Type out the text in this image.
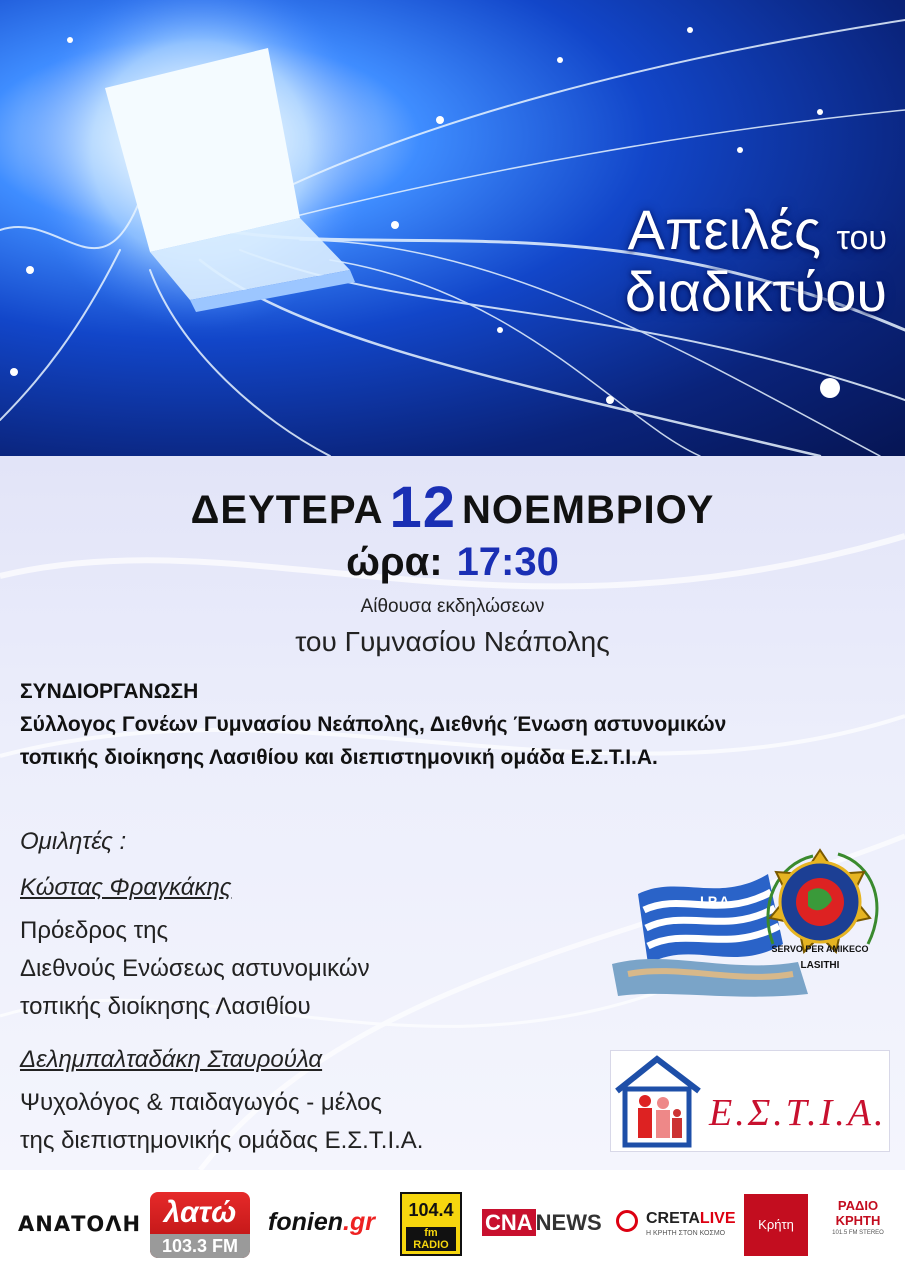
Απειλές του
διαδικτύου
ΔΕΥΤΕΡΑ 12 ΝΟΕΜΒΡΙΟΥ
ώρα: 17:30
Αίθουσα εκδηλώσεων
του Γυμνασίου Νεάπολης
ΣΥΝΔΙΟΡΓΑΝΩΣΗ
Σύλλογος Γονέων Γυμνασίου Νεάπολης, Διεθνής Ένωση αστυνομικών τοπικής διοίκησης Λασιθίου και διεπιστημονική ομάδα Ε.Σ.Τ.Ι.Α.
Ομιλητές :
Κώστας Φραγκάκης
Πρόεδρος της
Διεθνούς Ενώσεως αστυνομικών
τοπικής διοίκησης Λασιθίου
Δελημπαλταδάκη Σταυρούλα
Ψυχολόγος & παιδαγωγός - μέλος
της διεπιστημονικής ομάδας Ε.Σ.Τ.Ι.Α.
I.P.A.
SERVO PER AMIKECO
LASITHI
Ε.Σ.Τ.Ι.Α.
ΑΝΑΤΟΛΗ λατώ
103.3 FM
fonien.gr	104.4
fm RADIO
CNA NEWS	CRETALIVE
Η ΚΡΗΤΗ ΣΤΟΝ ΚΟΣΜΟ
Κρήτη
ΡΑΔΙΟ
ΚΡΗΤΗ
101.5 FM STEREO
